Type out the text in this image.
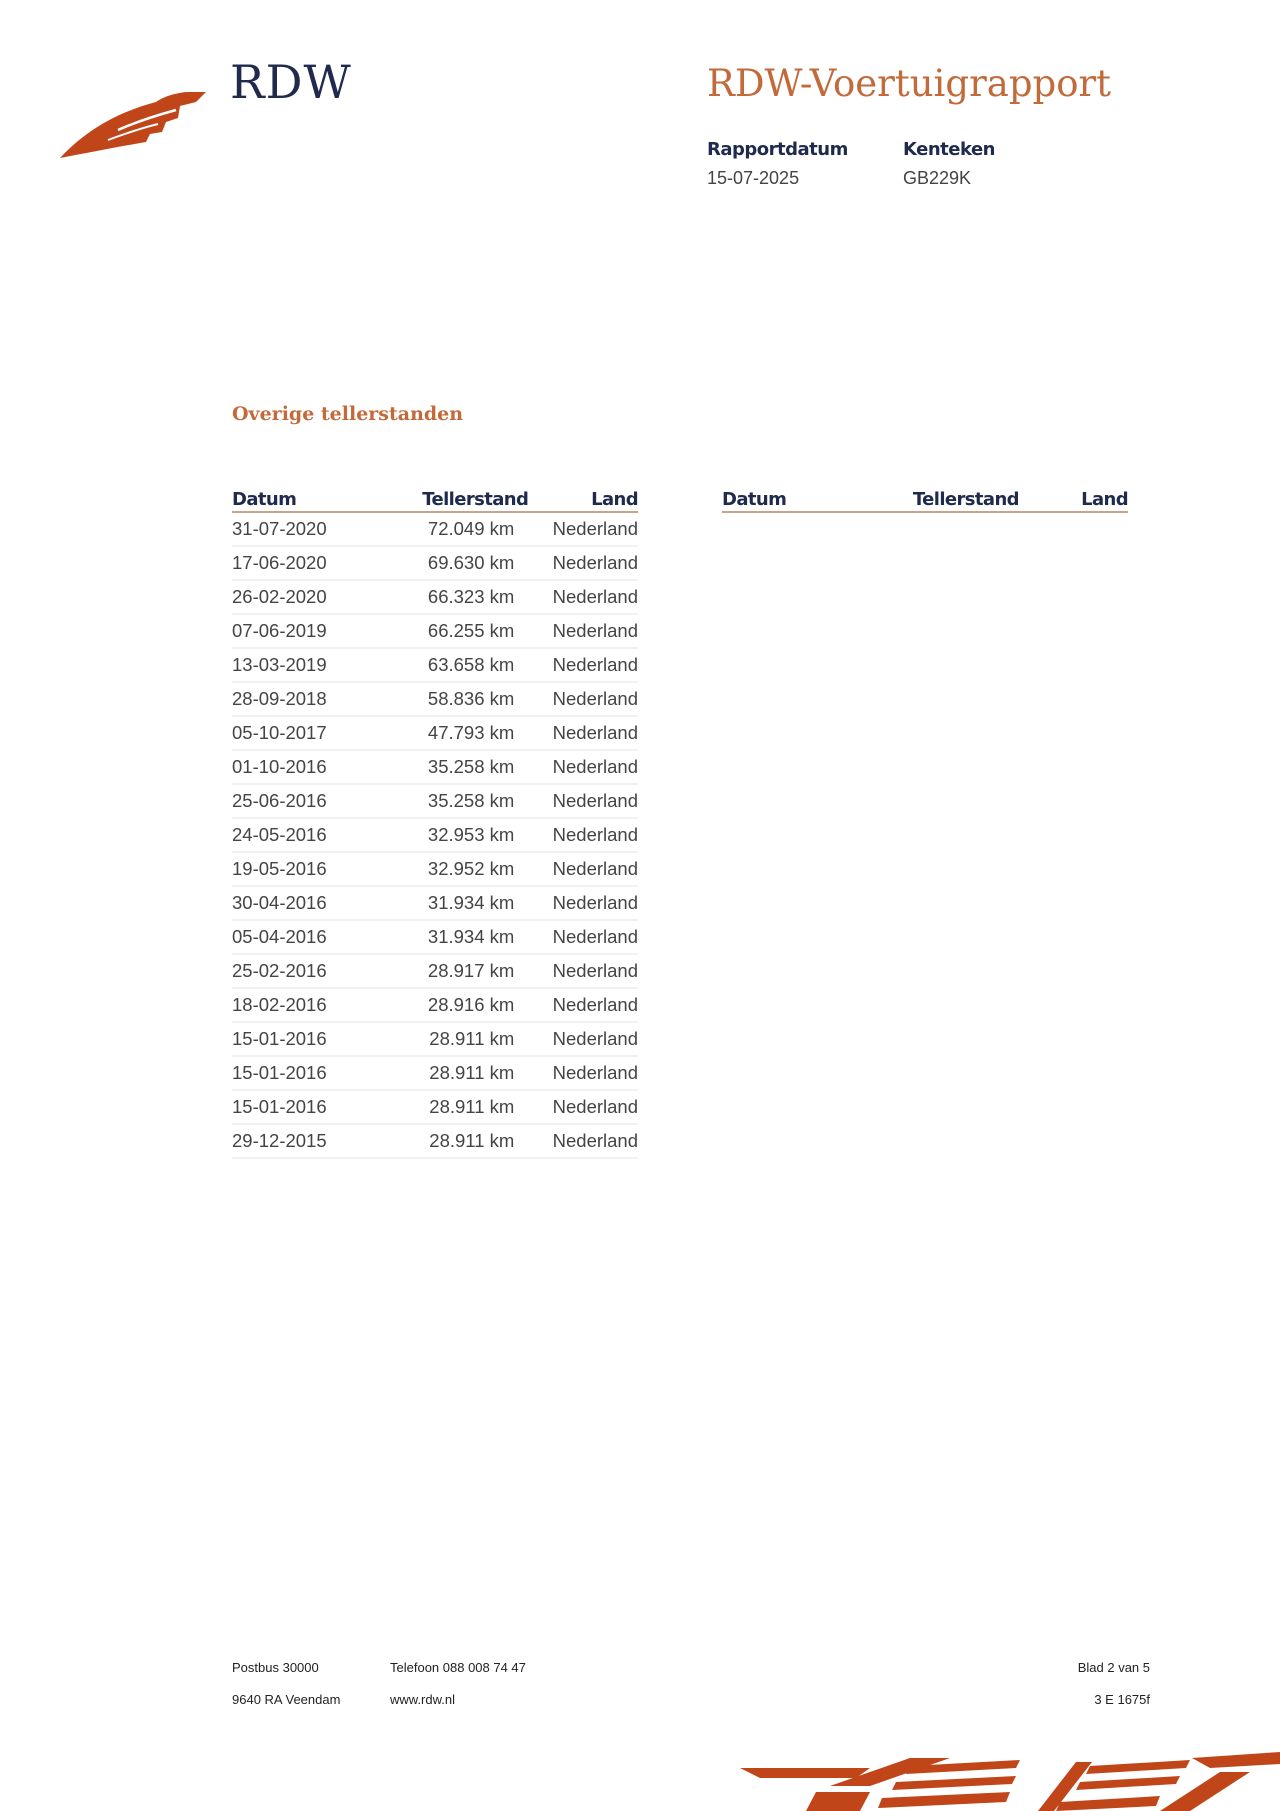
RDW	RDW-Voertuigrapport
Rapportdatum
15-07-2025
Kenteken
GB229K
Overige tellerstanden
Datum	Tellerstand	Land
31-07-2020	72.049 km	Nederland
17-06-2020	69.630 km	Nederland
26-02-2020	66.323 km	Nederland
07-06-2019	66.255 km	Nederland
13-03-2019	63.658 km	Nederland
28-09-2018	58.836 km	Nederland
05-10-2017	47.793 km	Nederland
01-10-2016	35.258 km	Nederland
25-06-2016	35.258 km	Nederland
24-05-2016	32.953 km	Nederland
19-05-2016	32.952 km	Nederland
30-04-2016	31.934 km	Nederland
05-04-2016	31.934 km	Nederland
25-02-2016	28.917 km	Nederland
18-02-2016	28.916 km	Nederland
15-01-2016	28.911 km	Nederland
15-01-2016	28.911 km	Nederland
15-01-2016	28.911 km	Nederland
29-12-2015	28.911 km	Nederland
Datum	Tellerstand	Land
Postbus 30000
9640 RA Veendam
Telefoon 088 008 74 47
www.rdw.nl
Blad 2 van 5
3 E 1675f
